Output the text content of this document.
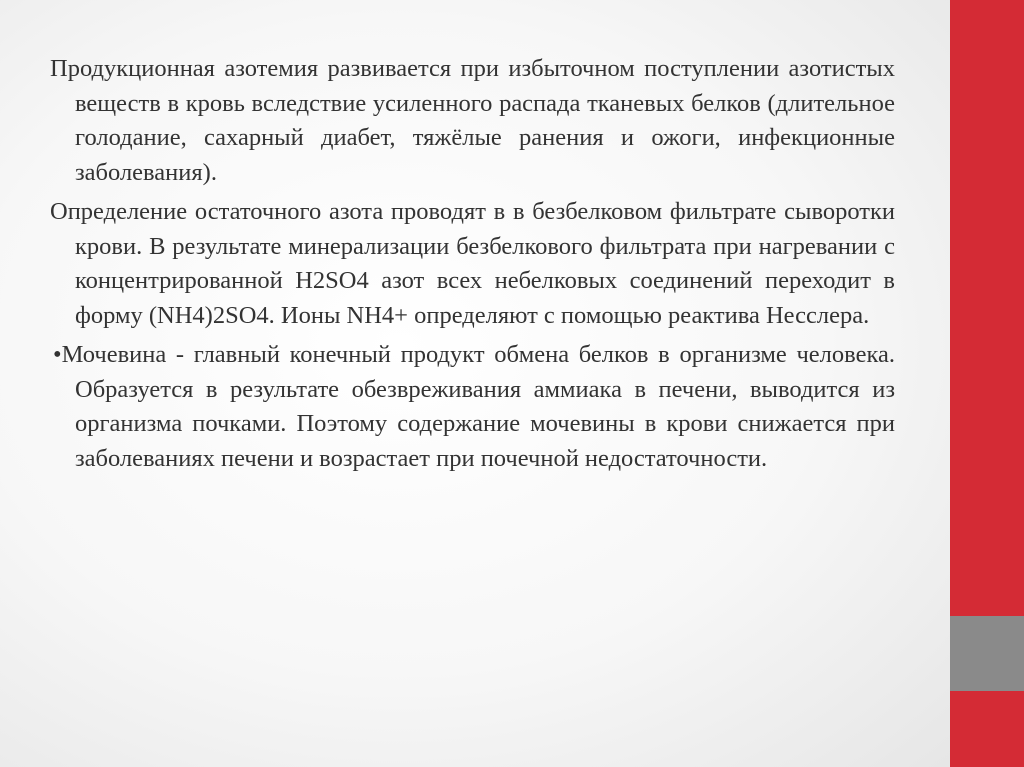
Продукционная азотемия развивается при избыточном поступлении азотистых веществ в кровь вследствие усиленного распада тканевых белков (длительное голодание, сахарный диабет, тяжёлые ранения и ожоги, инфекционные заболевания).

Определение остаточного азота проводят в в безбелковом фильтрате сыворотки крови. В результате минерализации безбелкового фильтрата при нагревании с концентрированной H2SO4 азот всех небелковых соединений переходит в форму (NH4)2SO4. Ионы NH4+ определяют с помощью реактива Несслера.

•Мочевина - главный конечный продукт обмена белков в организме человека. Образуется в результате обезвреживания аммиака в печени, выводится из организма почками. Поэтому содержание мочевины в крови снижается при заболеваниях печени и возрастает при почечной недостаточности.
